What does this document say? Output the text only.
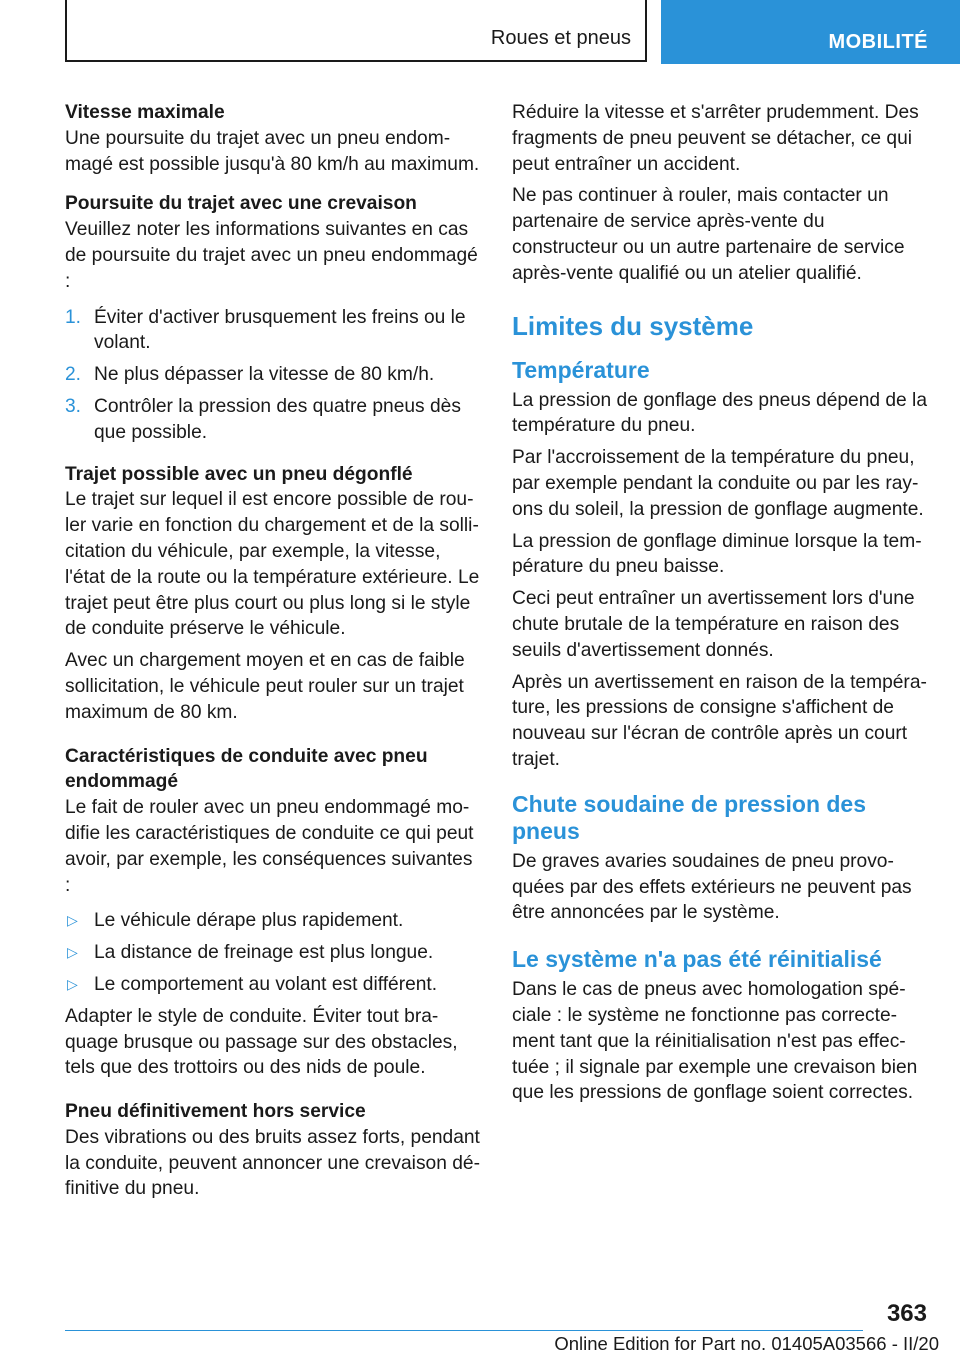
Roues et pneus	MOBILITÉ
Vitesse maximale

Une poursuite du trajet avec un pneu endommagé est possible jusqu'à 80 km/h au maximum.

Poursuite du trajet avec une crevaison

Veuillez noter les informations suivantes en cas de poursuite du trajet avec un pneu endommagé :

1. Éviter d'activer brusquement les freins ou le volant.
2. Ne plus dépasser la vitesse de 80 km/h.
3. Contrôler la pression des quatre pneus dès que possible.
Trajet possible avec un pneu dégonflé

Le trajet sur lequel il est encore possible de rouler varie en fonction du chargement et de la sollicitation du véhicule, par exemple, la vitesse, l'état de la route ou la température extérieure. Le trajet peut être plus court ou plus long si le style de conduite préserve le véhicule.

Avec un chargement moyen et en cas de faible sollicitation, le véhicule peut rouler sur un trajet maximum de 80 km.

Caractéristiques de conduite avec pneu endommagé

Le fait de rouler avec un pneu endommagé modifie les caractéristiques de conduite ce qui peut avoir, par exemple, les conséquences suivantes :

▷ Le véhicule dérape plus rapidement.
▷ La distance de freinage est plus longue.
▷ Le comportement au volant est différent.

Adapter le style de conduite. Éviter tout braquage brusque ou passage sur des obstacles, tels que des trottoirs ou des nids de poule.

Pneu définitivement hors service

Des vibrations ou des bruits assez forts, pendant la conduite, peuvent annoncer une crevaison définitive du pneu.

Réduire la vitesse et s'arrêter prudemment. Des fragments de pneu peuvent se détacher, ce qui peut entraîner un accident.

Ne pas continuer à rouler, mais contacter un partenaire de service après-vente du constructeur ou un autre partenaire de service après-vente qualifié ou un atelier qualifié.

Limites du système
Température

La pression de gonflage des pneus dépend de la température du pneu.

Par l'accroissement de la température du pneu, par exemple pendant la conduite ou par les rayons du soleil, la pression de gonflage augmente.

La pression de gonflage diminue lorsque la température du pneu baisse.

Ceci peut entraîner un avertissement lors d'une chute brutale de la température en raison des seuils d'avertissement donnés.

Après un avertissement en raison de la température, les pressions de consigne s'affichent de nouveau sur l'écran de contrôle après un court trajet.

Chute soudaine de pression des pneus

De graves avaries soudaines de pneu provoquées par des effets extérieurs ne peuvent pas être annoncées par le système.

Le système n'a pas été réinitialisé

Dans le cas de pneus avec homologation spéciale : le système ne fonctionne pas correctement tant que la réinitialisation n'est pas effectuée ; il signale par exemple une crevaison bien que les pressions de gonflage soient correctes.

363
Online Edition for Part no. 01405A03566 - II/20
